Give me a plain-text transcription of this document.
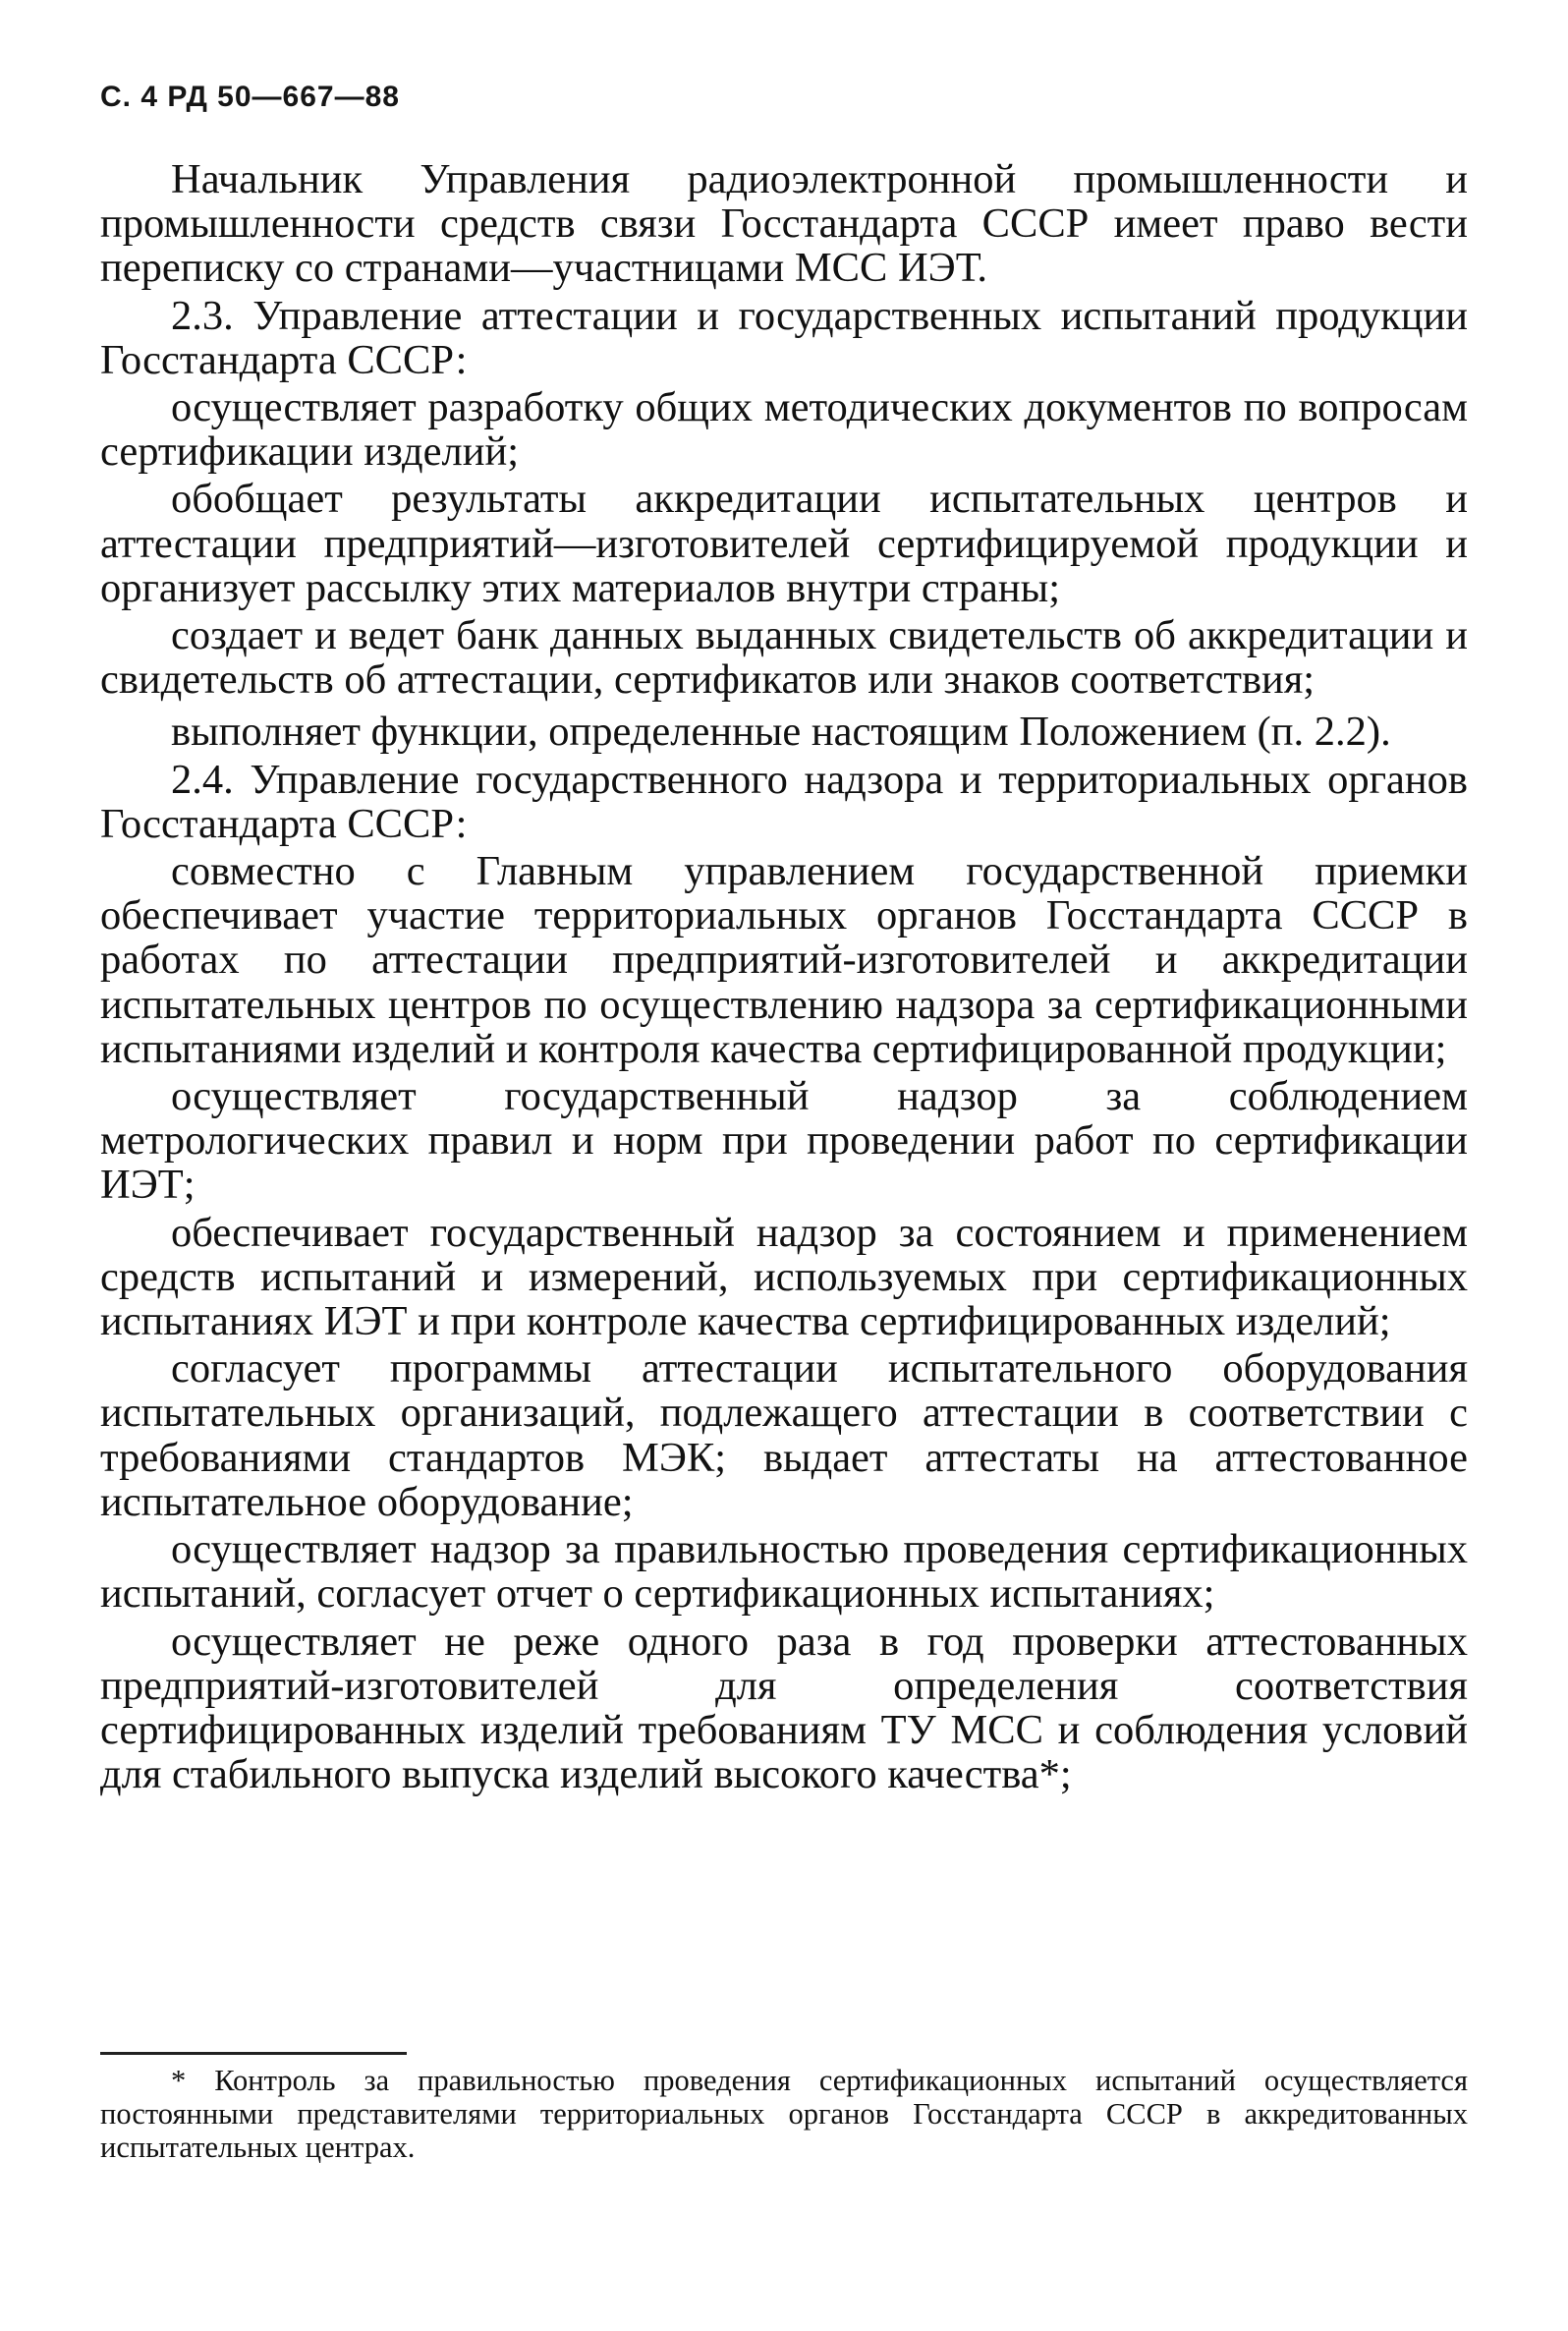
С. 4 РД 50—667—88

Начальник Управления радиоэлектронной промышленности и промышленности средств связи Госстандарта СССР имеет право вести переписку со странами—участницами МСС ИЭТ.

2.3. Управление аттестации и государственных испытаний продукции Госстандарта СССР:

осуществляет разработку общих методических документов по вопросам сертификации изделий;

обобщает результаты аккредитации испытательных центров и аттестации предприятий—изготовителей сертифицируемой продукции и организует рассылку этих материалов внутри страны;

создает и ведет банк данных выданных свидетельств об аккредитации и свидетельств об аттестации, сертификатов или знаков соответствия;

выполняет функции, определенные настоящим Положением (п. 2.2).

2.4. Управление государственного надзора и территориальных органов Госстандарта СССР:

совместно с Главным управлением государственной приемки обеспечивает участие территориальных органов Госстандарта СССР в работах по аттестации предприятий-изготовителей и аккредитации испытательных центров по осуществлению надзора за сертификационными испытаниями изделий и контроля качества сертифицированной продукции;

осуществляет государственный надзор за соблюдением метрологических правил и норм при проведении работ по сертификации ИЭТ;

обеспечивает государственный надзор за состоянием и применением средств испытаний и измерений, используемых при сертификационных испытаниях ИЭТ и при контроле качества сертифицированных изделий;

согласует программы аттестации испытательного оборудования испытательных организаций, подлежащего аттестации в соответствии с требованиями стандартов МЭК; выдает аттестаты на аттестованное испытательное оборудование;

осуществляет надзор за правильностью проведения сертификационных испытаний, согласует отчет о сертификационных испытаниях;

осуществляет не реже одного раза в год проверки аттестованных предприятий-изготовителей для определения соответствия сертифицированных изделий требованиям ТУ МСС и соблюдения условий для стабильного выпуска изделий высокого качества*;

* Контроль за правильностью проведения сертификационных испытаний осуществляется постоянными представителями территориальных органов Госстандарта СССР в аккредитованных испытательных центрах.
